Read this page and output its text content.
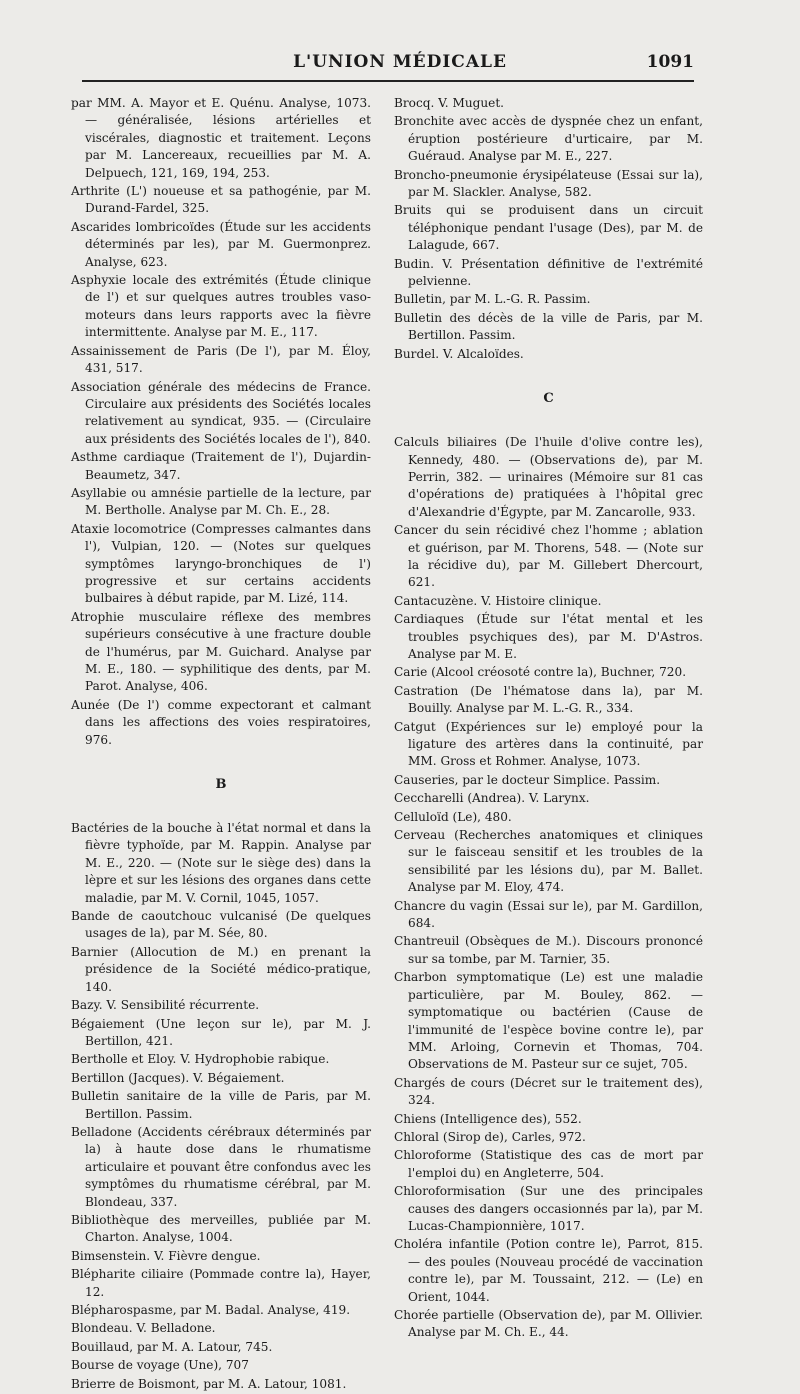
L'UNION MÉDICALE	1091

par MM. A. Mayor et E. Quénu. Analyse, 1073. — généralisée, lésions artérielles et viscérales, diagnostic et traitement. Leçons par M. Lancereaux, recueillies par M. A. Delpuech, 121, 169, 194, 253.

Arthrite (L') noueuse et sa pathogénie, par M. Durand-Fardel, 325.

Ascarides lombricoïdes (Étude sur les accidents déterminés par les), par M. Guermonprez. Analyse, 623.

Asphyxie locale des extrémités (Étude clinique de l') et sur quelques autres troubles vaso-moteurs dans leurs rapports avec la fièvre intermittente. Analyse par M. E., 117.

Assainissement de Paris (De l'), par M. Éloy, 431, 517.

Association générale des médecins de France. Circulaire aux présidents des Sociétés locales relativement au syndicat, 935. — (Circulaire aux présidents des Sociétés locales de l'), 840.

Asthme cardiaque (Traitement de l'), Dujardin-Beaumetz, 347.

Asyllabie ou amnésie partielle de la lecture, par M. Bertholle. Analyse par M. Ch. E., 28.

Ataxie locomotrice (Compresses calmantes dans l'), Vulpian, 120. — (Notes sur quelques symptômes laryngo-bronchiques de l') progressive et sur certains accidents bulbaires à début rapide, par M. Lizé, 114.

Atrophie musculaire réflexe des membres supérieurs consécutive à une fracture double de l'humérus, par M. Guichard. Analyse par M. E., 180. — syphilitique des dents, par M. Parot. Analyse, 406.

Aunée (De l') comme expectorant et calmant dans les affections des voies respiratoires, 976.

B

Bactéries de la bouche à l'état normal et dans la fièvre typhoïde, par M. Rappin. Analyse par M. E., 220. — (Note sur le siège des) dans la lèpre et sur les lésions des organes dans cette maladie, par M. V. Cornil, 1045, 1057.

Bande de caoutchouc vulcanisé (De quelques usages de la), par M. Sée, 80.

Barnier (Allocution de M.) en prenant la présidence de la Société médico-pratique, 140.

Bazy. V. Sensibilité récurrente.

Bégaiement (Une leçon sur le), par M. J. Bertillon, 421.

Bertholle et Eloy. V. Hydrophobie rabique.

Bertillon (Jacques). V. Bégaiement.

Bulletin sanitaire de la ville de Paris, par M. Bertillon. Passim.

Belladone (Accidents cérébraux déterminés par la) à haute dose dans le rhumatisme articulaire et pouvant être confondus avec les symptômes du rhumatisme cérébral, par M. Blondeau, 337.

Bibliothèque des merveilles, publiée par M. Charton. Analyse, 1004.

Bimsenstein. V. Fièvre dengue.

Blépharite ciliaire (Pommade contre la), Hayer, 12.

Blépharospasme, par M. Badal. Analyse, 419.

Blondeau. V. Belladone.

Bouillaud, par M. A. Latour, 745.

Bourse de voyage (Une), 707

Brierre de Boismont, par M. A. Latour, 1081.

Brocq. V. Muguet.

Bronchite avec accès de dyspnée chez un enfant, éruption postérieure d'urticaire, par M. Guéraud. Analyse par M. E., 227.

Broncho-pneumonie érysipélateuse (Essai sur la), par M. Slackler. Analyse, 582.

Bruits qui se produisent dans un circuit téléphonique pendant l'usage (Des), par M. de Lalagude, 667.

Budin. V. Présentation définitive de l'extrémité pelvienne.

Bulletin, par M. L.-G. R. Passim.

Bulletin des décès de la ville de Paris, par M. Bertillon. Passim.

Burdel. V. Alcaloïdes.

C

Calculs biliaires (De l'huile d'olive contre les), Kennedy, 480. — (Observations de), par M. Perrin, 382. — urinaires (Mémoire sur 81 cas d'opérations de) pratiquées à l'hôpital grec d'Alexandrie d'Égypte, par M. Zancarolle, 933.

Cancer du sein récidivé chez l'homme ; ablation et guérison, par M. Thorens, 548. — (Note sur la récidive du), par M. Gillebert Dhercourt, 621.

Cantacuzène. V. Histoire clinique.

Cardiaques (Étude sur l'état mental et les troubles psychiques des), par M. D'Astros. Analyse par M. E.

Carie (Alcool créosoté contre la), Buchner, 720.

Castration (De l'hématose dans la), par M. Bouilly. Analyse par M. L.-G. R., 334.

Catgut (Expériences sur le) employé pour la ligature des artères dans la continuité, par MM. Gross et Rohmer. Analyse, 1073.

Causeries, par le docteur Simplice. Passim.

Ceccharelli (Andrea). V. Larynx.

Celluloïd (Le), 480.

Cerveau (Recherches anatomiques et cliniques sur le faisceau sensitif et les troubles de la sensibilité par les lésions du), par M. Ballet. Analyse par M. Eloy, 474.

Chancre du vagin (Essai sur le), par M. Gardillon, 684.

Chantreuil (Obsèques de M.). Discours prononcé sur sa tombe, par M. Tarnier, 35.

Charbon symptomatique (Le) est une maladie particulière, par M. Bouley, 862. — symptomatique ou bactérien (Cause de l'immunité de l'espèce bovine contre le), par MM. Arloing, Cornevin et Thomas, 704. Observations de M. Pasteur sur ce sujet, 705.

Chargés de cours (Décret sur le traitement des), 324.

Chiens (Intelligence des), 552.

Chloral (Sirop de), Carles, 972.

Chloroforme (Statistique des cas de mort par l'emploi du) en Angleterre, 504.

Chloroformisation (Sur une des principales causes des dangers occasionnés par la), par M. Lucas-Championnière, 1017.

Choléra infantile (Potion contre le), Parrot, 815. — des poules (Nouveau procédé de vaccination contre le), par M. Toussaint, 212. — (Le) en Orient, 1044.

Chorée partielle (Observation de), par M. Ollivier. Analyse par M. Ch. E., 44.
